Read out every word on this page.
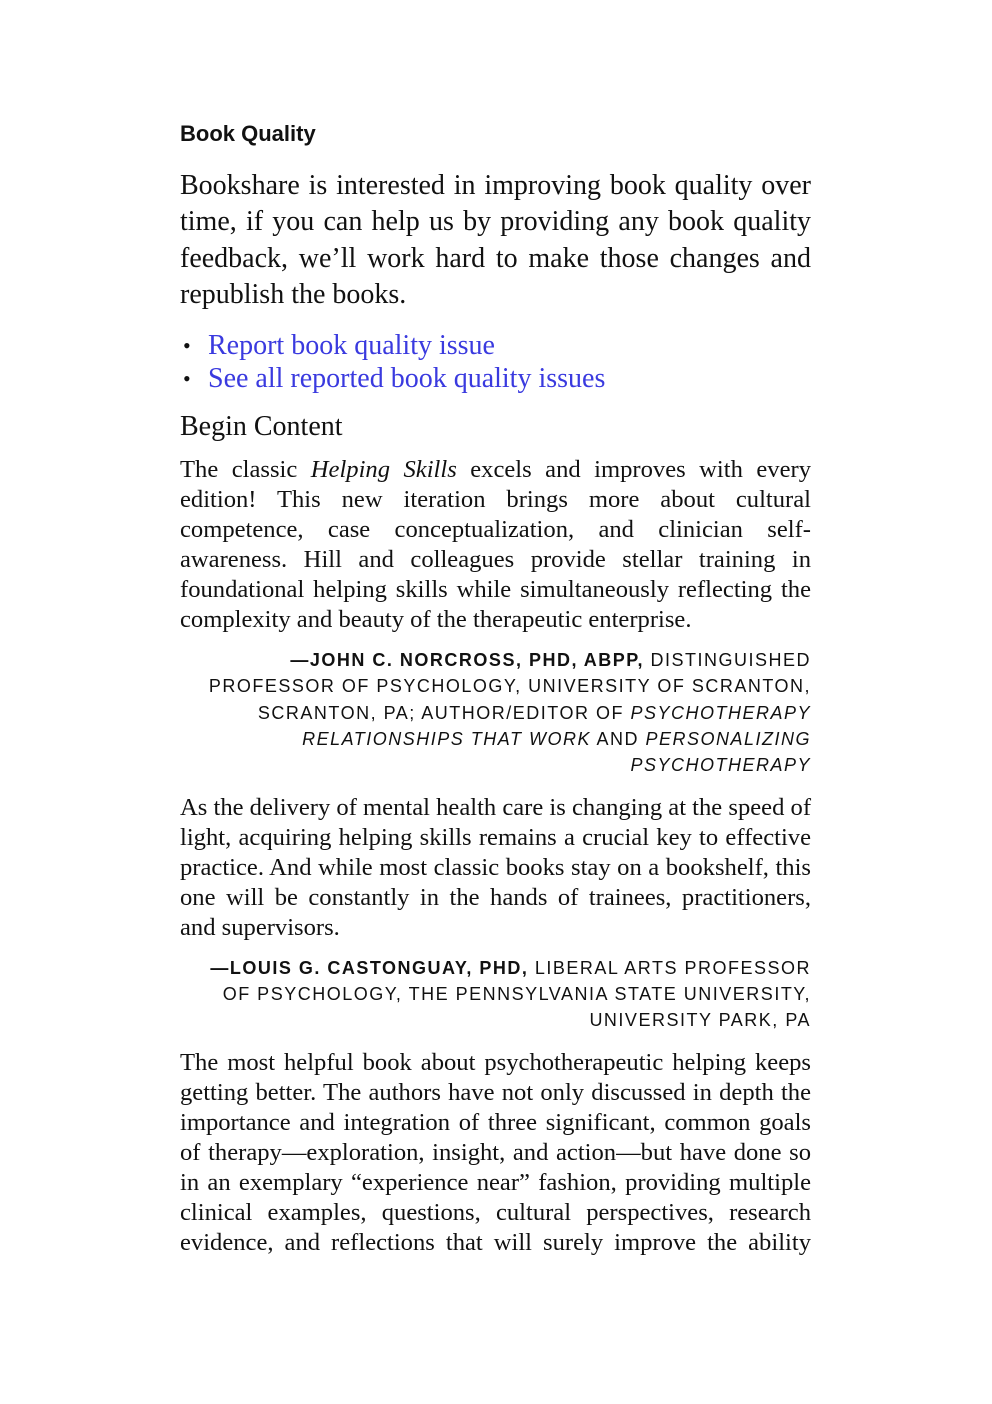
Book Quality

Bookshare is interested in improving book quality over time, if you can help us by providing any book quality feedback, we’ll work hard to make those changes and republish the books.

• Report book quality issue
• See all reported book quality issues
Begin Content

The classic Helping Skills excels and improves with every edition! This new iteration brings more about cultural competence, case conceptualization, and clinician self-awareness. Hill and colleagues provide stellar training in foundational helping skills while simultaneously reflecting the complexity and beauty of the therapeutic enterprise.

—JOHN C. NORCROSS, PHD, ABPP, DISTINGUISHED PROFESSOR OF PSYCHOLOGY, UNIVERSITY OF SCRANTON, SCRANTON, PA; AUTHOR/EDITOR OF PSYCHOTHERAPY RELATIONSHIPS THAT WORK AND PERSONALIZING PSYCHOTHERAPY

As the delivery of mental health care is changing at the speed of light, acquiring helping skills remains a crucial key to effective practice. And while most classic books stay on a bookshelf, this one will be constantly in the hands of trainees, practitioners, and supervisors.

—LOUIS G. CASTONGUAY, PHD, LIBERAL ARTS PROFESSOR OF PSYCHOLOGY, THE PENNSYLVANIA STATE UNIVERSITY, UNIVERSITY PARK, PA

The most helpful book about psychotherapeutic helping keeps getting better. The authors have not only discussed in depth the importance and integration of three significant, common goals of therapy—exploration, insight, and action—but have done so in an exemplary “experience near” fashion, providing multiple clinical examples, questions, cultural perspectives, research evidence, and reflections that will surely improve the ability
